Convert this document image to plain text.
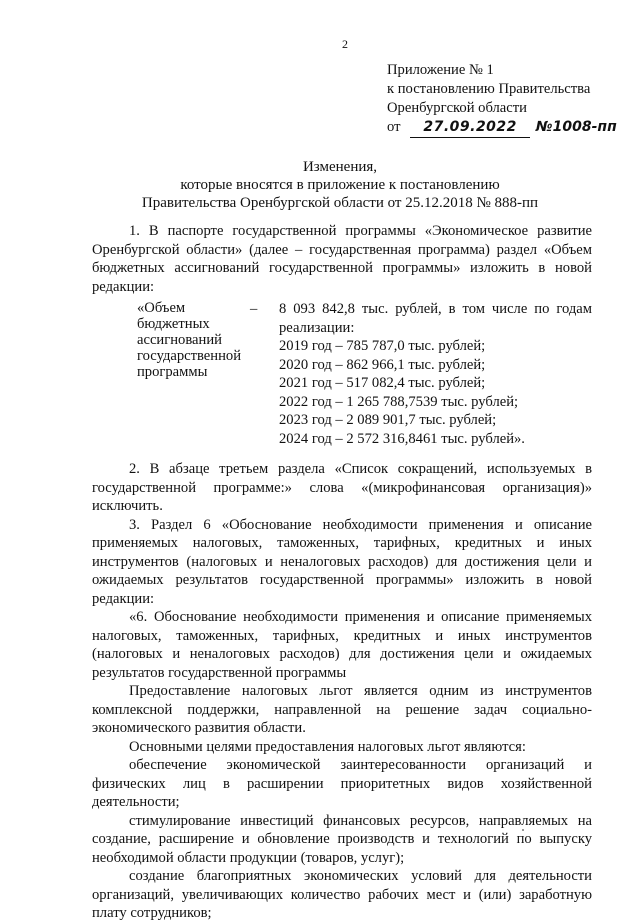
2
Приложение № 1
к постановлению Правительства
Оренбургской области
от 27.09.2022 №1008-пп
Изменения,
которые вносятся в приложение к постановлению
Правительства Оренбургской области от 25.12.2018 № 888-пп

1. В паспорте государственной программы «Экономическое развитие Оренбургской области» (далее – государственная программа) раздел «Объем бюджетных ассигнований государственной программы» изложить в новой редакции:

«Объем бюджетных ассигнований государственной программы
–	8 093 842,8 тыс. рублей, в том числе по годам реализации:
2019 год – 785 787,0 тыс. рублей;
2020 год – 862 966,1 тыс. рублей;
2021 год – 517 082,4 тыс. рублей;
2022 год – 1 265 788,7539 тыс. рублей;
2023 год – 2 089 901,7 тыс. рублей;
2024 год – 2 572 316,8461 тыс. рублей».

2. В абзаце третьем раздела «Список сокращений, используемых в государственной программе:» слова «(микрофинансовая организация)» исключить.

3. Раздел 6 «Обоснование необходимости применения и описание применяемых налоговых, таможенных, тарифных, кредитных и иных инструментов (налоговых и неналоговых расходов) для достижения цели и ожидаемых результатов государственной программы» изложить в новой редакции:

«6. Обоснование необходимости применения и описание применяемых налоговых, таможенных, тарифных, кредитных и иных инструментов (налоговых и неналоговых расходов) для достижения цели и ожидаемых результатов государственной программы

Предоставление налоговых льгот является одним из инструментов комплексной поддержки, направленной на решение задач социально-экономического развития области.

Основными целями предоставления налоговых льгот являются:

обеспечение экономической заинтересованности организаций и физических лиц в расширении приоритетных видов хозяйственной деятельности;

стимулирование инвестиций финансовых ресурсов, направляемых на создание, расширение и обновление производств и технологий по выпуску необходимой области продукции (товаров, услуг);

создание благоприятных экономических условий для деятельности организаций, увеличивающих количество рабочих мест и (или) заработную плату сотрудников;
